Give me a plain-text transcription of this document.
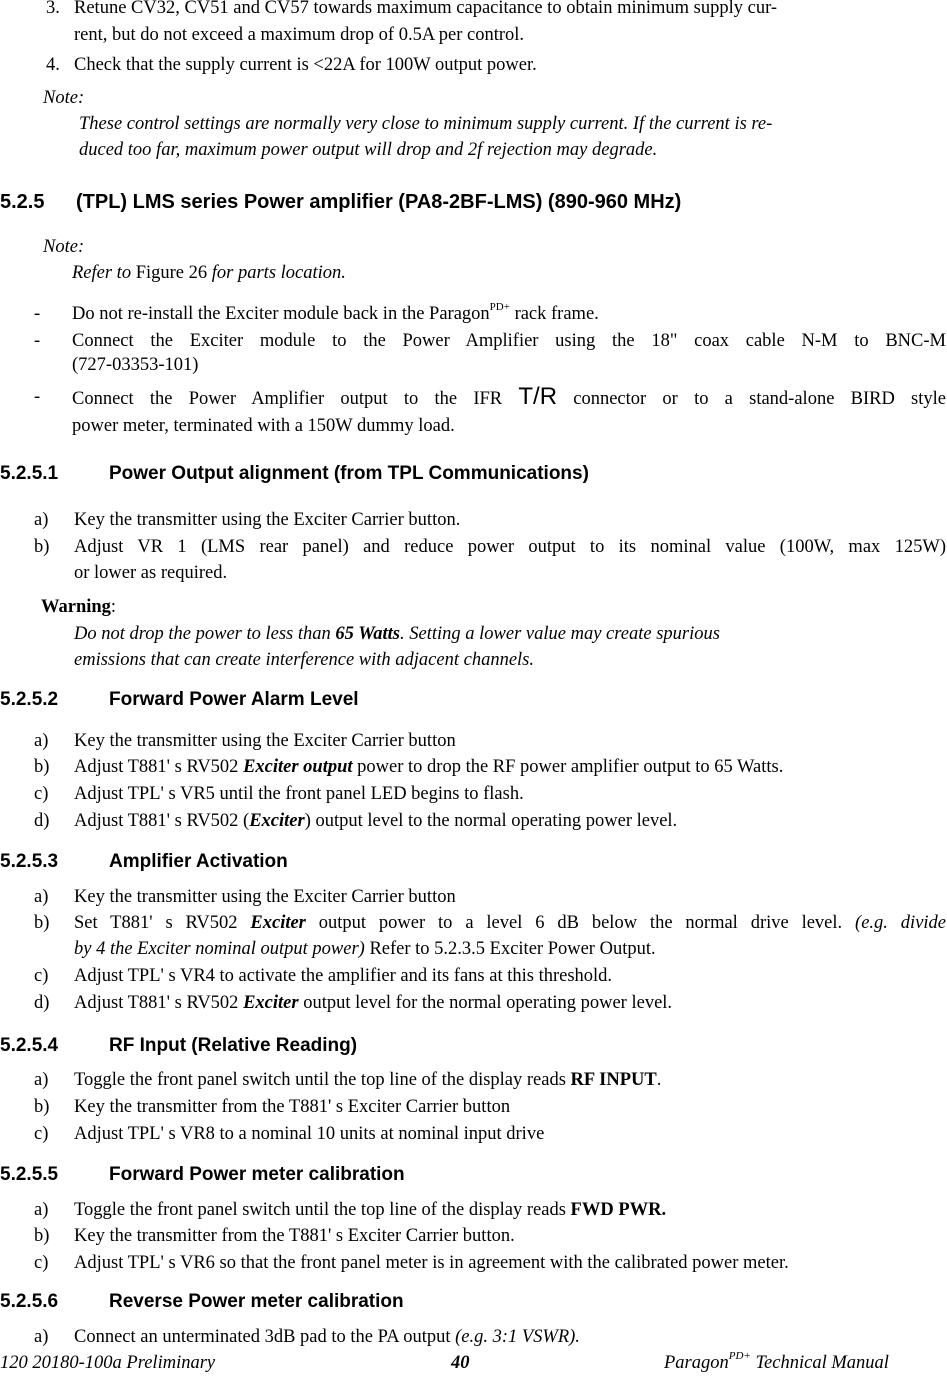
3. Retune CV32, CV51 and CV57 towards maximum capacitance to obtain minimum supply cur-
rent, but do not exceed a maximum drop of 0.5A per control.
4. Check that the supply current is <22A for 100W output power.
Note:
These control settings are normally very close to minimum supply current. If the current is re-
duced too far, maximum power output will drop and 2f rejection may degrade.
5.2.5 (TPL) LMS series Power amplifier (PA8-2BF-LMS) (890-960 MHz)
Note:
Refer to Figure 26 for parts location.
- Do not re-install the Exciter module back in the Paragon$^{PD+}$ rack frame.
- Connect the Exciter module to the Power Amplifier using the 18" coax cable N-M to BNC-M
(727-03353-101)
- Connect the Power Amplifier output to the IFR T/R connector or to a stand-alone BIRD style
power meter, terminated with a 150W dummy load.
5.2.5.1	Power Output alignment (from TPL Communications)
a) Key the transmitter using the Exciter Carrier button.
b) Adjust VR 1 (LMS rear panel) and reduce power output to its nominal value (100W, max 125W)
or lower as required.
Warning:
Do not drop the power to less than 65 Watts. Setting a lower value may create spurious
emissions that can create interference with adjacent channels.
5.2.5.2	Forward Power Alarm Level
a) Key the transmitter using the Exciter Carrier button
b) Adjust T881' s RV502 Exciter output power to drop the RF power amplifier output to 65 Watts.
c) Adjust TPL' s VR5 until the front panel LED begins to flash.
d) Adjust T881' s RV502 (Exciter) output level to the normal operating power level.
5.2.5.3	Amplifier Activation
a) Key the transmitter using the Exciter Carrier button
b) Set T881' s RV502 Exciter output power to a level 6 dB below the normal drive level. (e.g. divide
by 4 the Exciter nominal output power) Refer to 5.2.3.5 Exciter Power Output.
c) Adjust TPL' s VR4 to activate the amplifier and its fans at this threshold.
d) Adjust T881' s RV502 Exciter output level for the normal operating power level.
5.2.5.4	RF Input (Relative Reading)
a) Toggle the front panel switch until the top line of the display reads RF INPUT.
b) Key the transmitter from the T881' s Exciter Carrier button
c) Adjust TPL' s VR8 to a nominal 10 units at nominal input drive
5.2.5.5	Forward Power meter calibration
a) Toggle the front panel switch until the top line of the display reads FWD PWR.
b) Key the transmitter from the T881' s Exciter Carrier button.
c) Adjust TPL' s VR6 so that the front panel meter is in agreement with the calibrated power meter.
5.2.5.6	Reverse Power meter calibration
a) Connect an unterminated 3dB pad to the PA output (e.g. 3:1 VSWR).
120 20180-100a Preliminary	40	Paragon$^{PD+}$ Technical Manual
